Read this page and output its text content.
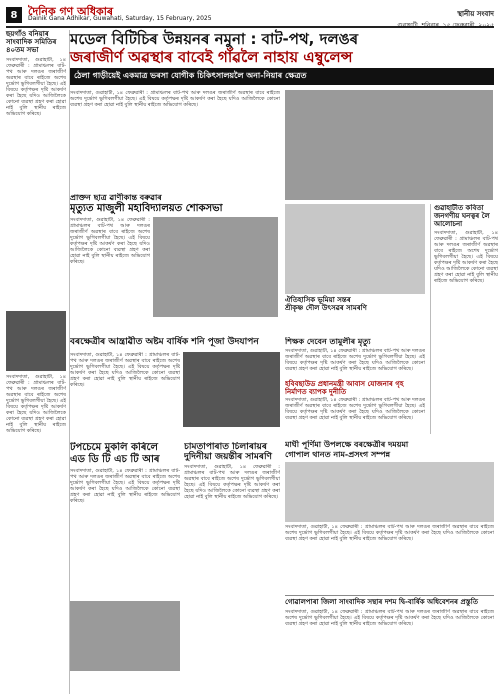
8 দৈনিক গণ অধিকাৰ
Dainik Gana Adhikar, Guwahati, Saturday, 15 February, 2025
স্থানীয় সংবাদ
গুৱাহাটী, শনিবাৰ, ১৫ ফেব্ৰুৱাৰী, ২০২৫
ছয়গাঁও বনিয়াৰ সাংবাদিক সমিতিৰ ৪০তম সভা
সংবাদদাতা, গুৱাহাটী, ১৪ ফেব্ৰুৱাৰী : গ্ৰামাঞ্চলৰ বাট-পথ আৰু দলঙৰ জৰাজীৰ্ণ অৱস্থাৰ বাবে ৰাইজে অশেষ দুৰ্ভোগ ভুগিবলগীয়া হৈছে। এই বিষয়ে কৰ্তৃপক্ষৰ দৃষ্টি আকৰ্ষণ কৰা হৈছে যদিও আজিলৈকে কোনো ব্যৱস্থা গ্ৰহণ কৰা হোৱা নাই বুলি স্থানীয় ৰাইজে অভিযোগ কৰিছে।
সংবাদদাতা, গুৱাহাটী, ১৪ ফেব্ৰুৱাৰী : গ্ৰামাঞ্চলৰ বাট-পথ আৰু দলঙৰ জৰাজীৰ্ণ অৱস্থাৰ বাবে ৰাইজে অশেষ দুৰ্ভোগ ভুগিবলগীয়া হৈছে। এই বিষয়ে কৰ্তৃপক্ষৰ দৃষ্টি আকৰ্ষণ কৰা হৈছে যদিও আজিলৈকে কোনো ব্যৱস্থা গ্ৰহণ কৰা হোৱা নাই বুলি স্থানীয় ৰাইজে অভিযোগ কৰিছে।
মডেল বিটিচিৰ উন্নয়নৰ নমুনা : বাট-পথ, দলঙৰ
জৰাজীৰ্ণ অৱস্থাৰ বাবেই গাঁৱলৈ নাহায় এম্বুলেন্স
ঠেলা গাড়ীয়েই একমাত্ৰ ভৰসা যোগীক চিকিৎসালয়লৈ অনা-নিয়াৰ ক্ষেত্ৰত
সংবাদদাতা, গুৱাহাটী, ১৪ ফেব্ৰুৱাৰী : গ্ৰামাঞ্চলৰ বাট-পথ আৰু দলঙৰ জৰাজীৰ্ণ অৱস্থাৰ বাবে ৰাইজে অশেষ দুৰ্ভোগ ভুগিবলগীয়া হৈছে। এই বিষয়ে কৰ্তৃপক্ষৰ দৃষ্টি আকৰ্ষণ কৰা হৈছে যদিও আজিলৈকে কোনো ব্যৱস্থা গ্ৰহণ কৰা হোৱা নাই বুলি স্থানীয় ৰাইজে অভিযোগ কৰিছে।
প্ৰাক্তন ছাত্ৰ ৱাণীকান্ত বৰুৱাৰ
মৃত্যুত মাজুলী মহাবিদ্যালয়ত শোকসভা
সংবাদদাতা, গুৱাহাটী, ১৪ ফেব্ৰুৱাৰী : গ্ৰামাঞ্চলৰ বাট-পথ আৰু দলঙৰ জৰাজীৰ্ণ অৱস্থাৰ বাবে ৰাইজে অশেষ দুৰ্ভোগ ভুগিবলগীয়া হৈছে। এই বিষয়ে কৰ্তৃপক্ষৰ দৃষ্টি আকৰ্ষণ কৰা হৈছে যদিও আজিলৈকে কোনো ব্যৱস্থা গ্ৰহণ কৰা হোৱা নাই বুলি স্থানীয় ৰাইজে অভিযোগ কৰিছে।
ঐতিহাসিক ভূমিয়া সন্তৰ
শ্ৰীকৃষ্ণ দৌল উৎসৱৰ সামৰণি
গুৱাহাটীত কবিতা জনগণীয় ঘনত্বৰ লৈ আলোচনা
সংবাদদাতা, গুৱাহাটী, ১৪ ফেব্ৰুৱাৰী : গ্ৰামাঞ্চলৰ বাট-পথ আৰু দলঙৰ জৰাজীৰ্ণ অৱস্থাৰ বাবে ৰাইজে অশেষ দুৰ্ভোগ ভুগিবলগীয়া হৈছে। এই বিষয়ে কৰ্তৃপক্ষৰ দৃষ্টি আকৰ্ষণ কৰা হৈছে যদিও আজিলৈকে কোনো ব্যৱস্থা গ্ৰহণ কৰা হোৱা নাই বুলি স্থানীয় ৰাইজে অভিযোগ কৰিছে।
বৰক্ষেত্ৰীৰ আন্ত্ৰাৱীত অষ্টম বাৰ্ষিক শনি পূজা উদযাপন
সংবাদদাতা, গুৱাহাটী, ১৪ ফেব্ৰুৱাৰী : গ্ৰামাঞ্চলৰ বাট-পথ আৰু দলঙৰ জৰাজীৰ্ণ অৱস্থাৰ বাবে ৰাইজে অশেষ দুৰ্ভোগ ভুগিবলগীয়া হৈছে। এই বিষয়ে কৰ্তৃপক্ষৰ দৃষ্টি আকৰ্ষণ কৰা হৈছে যদিও আজিলৈকে কোনো ব্যৱস্থা গ্ৰহণ কৰা হোৱা নাই বুলি স্থানীয় ৰাইজে অভিযোগ কৰিছে।
শিক্ষক দেবেন তামুলীৰ মৃত্যু
সংবাদদাতা, গুৱাহাটী, ১৪ ফেব্ৰুৱাৰী : গ্ৰামাঞ্চলৰ বাট-পথ আৰু দলঙৰ জৰাজীৰ্ণ অৱস্থাৰ বাবে ৰাইজে অশেষ দুৰ্ভোগ ভুগিবলগীয়া হৈছে। এই বিষয়ে কৰ্তৃপক্ষৰ দৃষ্টি আকৰ্ষণ কৰা হৈছে যদিও আজিলৈকে কোনো ব্যৱস্থা গ্ৰহণ কৰা হোৱা নাই বুলি স্থানীয় ৰাইজে অভিযোগ কৰিছে।
হবিবছাউড প্ৰধানমন্ত্ৰী আবাস যোজনাৰ গৃহ নিৰ্মাণত ব্যাপক দুনীতি
সংবাদদাতা, গুৱাহাটী, ১৪ ফেব্ৰুৱাৰী : গ্ৰামাঞ্চলৰ বাট-পথ আৰু দলঙৰ জৰাজীৰ্ণ অৱস্থাৰ বাবে ৰাইজে অশেষ দুৰ্ভোগ ভুগিবলগীয়া হৈছে। এই বিষয়ে কৰ্তৃপক্ষৰ দৃষ্টি আকৰ্ষণ কৰা হৈছে যদিও আজিলৈকে কোনো ব্যৱস্থা গ্ৰহণ কৰা হোৱা নাই বুলি স্থানীয় ৰাইজে অভিযোগ কৰিছে।
টপচেমে মুকলি কৰিলে
এড ডি টি এচ টি আৰ
সংবাদদাতা, গুৱাহাটী, ১৪ ফেব্ৰুৱাৰী : গ্ৰামাঞ্চলৰ বাট-পথ আৰু দলঙৰ জৰাজীৰ্ণ অৱস্থাৰ বাবে ৰাইজে অশেষ দুৰ্ভোগ ভুগিবলগীয়া হৈছে। এই বিষয়ে কৰ্তৃপক্ষৰ দৃষ্টি আকৰ্ষণ কৰা হৈছে যদিও আজিলৈকে কোনো ব্যৱস্থা গ্ৰহণ কৰা হোৱা নাই বুলি স্থানীয় ৰাইজে অভিযোগ কৰিছে।
চামতাপাৰাত চিলাৰায়ৰ
দুদিনীয়া জয়ন্তীৰ সামৰণি
সংবাদদাতা, গুৱাহাটী, ১৪ ফেব্ৰুৱাৰী : গ্ৰামাঞ্চলৰ বাট-পথ আৰু দলঙৰ জৰাজীৰ্ণ অৱস্থাৰ বাবে ৰাইজে অশেষ দুৰ্ভোগ ভুগিবলগীয়া হৈছে। এই বিষয়ে কৰ্তৃপক্ষৰ দৃষ্টি আকৰ্ষণ কৰা হৈছে যদিও আজিলৈকে কোনো ব্যৱস্থা গ্ৰহণ কৰা হোৱা নাই বুলি স্থানীয় ৰাইজে অভিযোগ কৰিছে।
মাঘী পূৰ্ণিমা উপলক্ষে বৰক্ষেত্ৰীৰ দময়মা
গোপাল থানত নাম-প্ৰসংগ সম্পন্ন
সংবাদদাতা, গুৱাহাটী, ১৪ ফেব্ৰুৱাৰী : গ্ৰামাঞ্চলৰ বাট-পথ আৰু দলঙৰ জৰাজীৰ্ণ অৱস্থাৰ বাবে ৰাইজে অশেষ দুৰ্ভোগ ভুগিবলগীয়া হৈছে। এই বিষয়ে কৰ্তৃপক্ষৰ দৃষ্টি আকৰ্ষণ কৰা হৈছে যদিও আজিলৈকে কোনো ব্যৱস্থা গ্ৰহণ কৰা হোৱা নাই বুলি স্থানীয় ৰাইজে অভিযোগ কৰিছে।
গোৱালপাৰা জিলা সাংবাদিক সন্থাৰ দশম দ্বি-বাৰ্ষিক অধিবেশনৰ প্ৰস্তুতি
সংবাদদাতা, গুৱাহাটী, ১৪ ফেব্ৰুৱাৰী : গ্ৰামাঞ্চলৰ বাট-পথ আৰু দলঙৰ জৰাজীৰ্ণ অৱস্থাৰ বাবে ৰাইজে অশেষ দুৰ্ভোগ ভুগিবলগীয়া হৈছে। এই বিষয়ে কৰ্তৃপক্ষৰ দৃষ্টি আকৰ্ষণ কৰা হৈছে যদিও আজিলৈকে কোনো ব্যৱস্থা গ্ৰহণ কৰা হোৱা নাই বুলি স্থানীয় ৰাইজে অভিযোগ কৰিছে।
